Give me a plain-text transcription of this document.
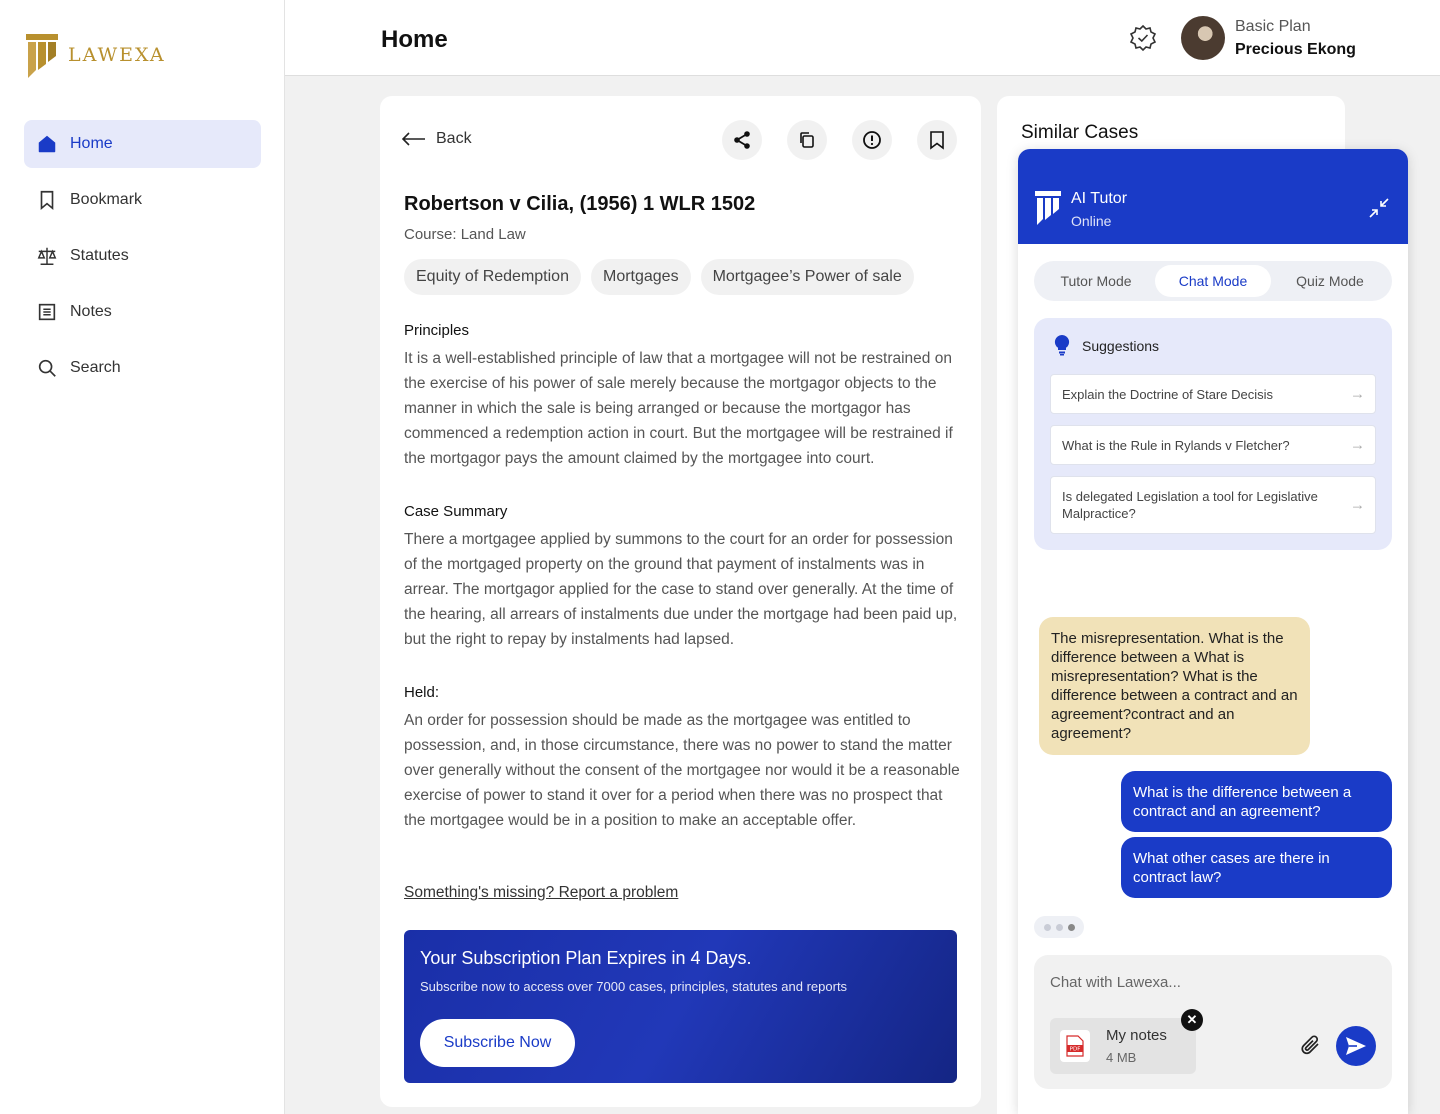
LAWEXA
Home
Bookmark
Statutes
Notes
Search
Home	Basic Plan
Precious Ekong
Back
Robertson v Cilia, (1956) 1 WLR 1502
Course: Land Law
Equity of Redemption	Mortgages	Mortgagee’s Power of sale
Principles

It is a well-established principle of law that a mortgagee will not be restrained on the exercise of his power of sale merely because the mortgagor objects to the manner in which the sale is being arranged or because the mortgagor has commenced a redemption action in court. But the mortgagee will be restrained if the mortgagor pays the amount claimed by the mortgagee into court.

Case Summary

There a mortgagee applied by summons to the court for an order for possession of the mortgaged property on the ground that payment of instalments was in arrear. The mortgagor applied for the case to stand over generally. At the time of the hearing, all arrears of instalments due under the mortgage had been paid up, but the right to repay by instalments had lapsed.

Held:

An order for possession should be made as the mortgagee was entitled to possession, and, in those circumstance, there was no power to stand the matter over generally without the consent of the mortgagee nor would it be a reasonable exercise of power to stand it over for a period when there was no prospect that the mortgagee would be in a position to make an acceptable offer.

Something's missing? Report a problem
Your Subscription Plan Expires in 4 Days.
Subscribe now to access over 7000 cases, principles, statutes and reports
Subscribe Now
Similar Cases
AI Tutor
Online
Tutor Mode	Chat Mode	Quiz Mode
Suggestions
Explain the Doctrine of Stare Decisis	→
What is the Rule in Rylands v Fletcher?	→
Is delegated Legislation a tool for Legislative Malpractice?	→
The misrepresentation. What is the difference between a What is misrepresentation? What is the difference between a contract and an agreement?contract and an agreement?
What is the difference between a contract and an agreement?
What other cases are there in contract law?
Chat with Lawexa...
PDF
My notes
4 MB
✕
